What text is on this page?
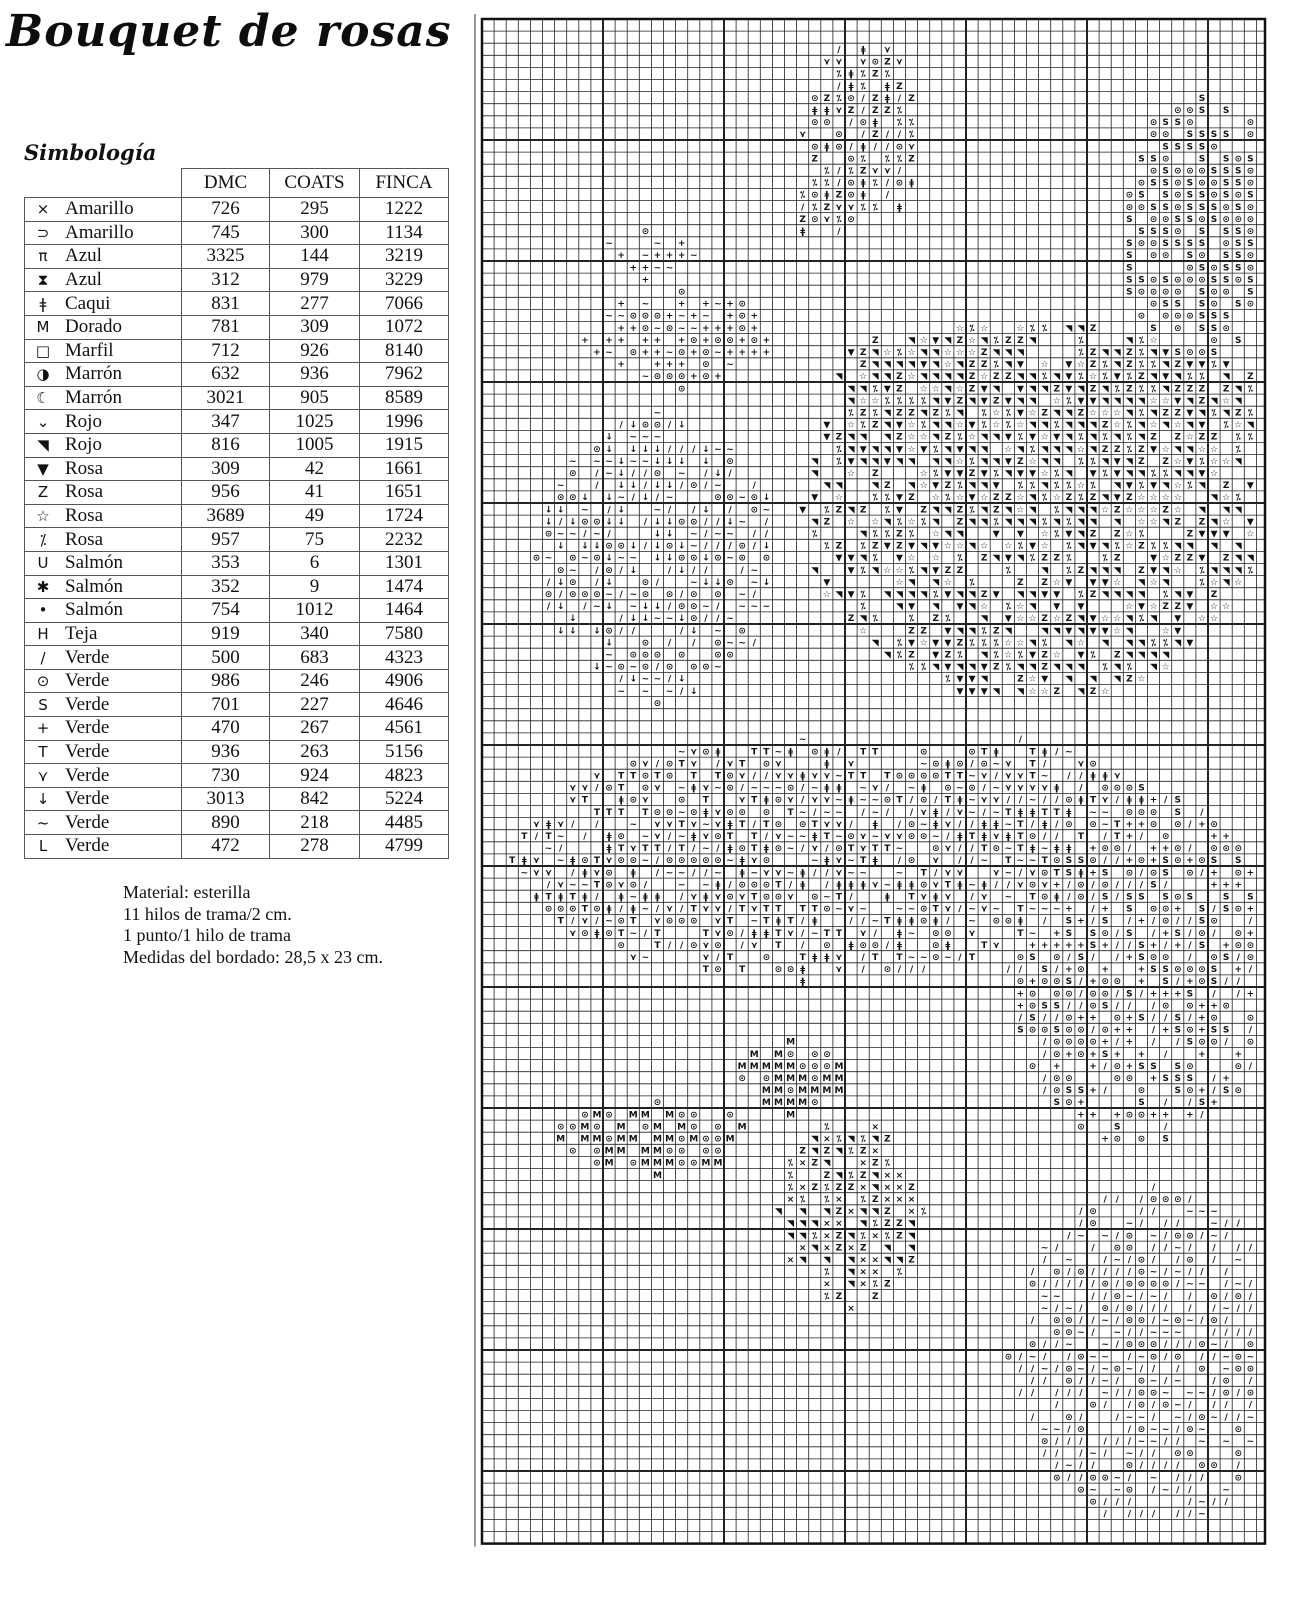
Bouquet de rosas
Simbología
		DMC	COATS	FINCA
×	Amarillo	726	295	1222
⊃	Amarillo	745	300	1134
π	Azul	3325	144	3219
⧗	Azul	312	979	3229
ǂ	Caqui	831	277	7066
M	Dorado	781	309	1072
□	Marfil	712	926	8140
◑	Marrón	632	936	7962
☾	Marrón	3021	905	8589
⌄	Rojo	347	1025	1996
◥	Rojo	816	1005	1915
▼	Rosa	309	42	1661
Z	Rosa	956	41	1651
☆	Rosa	3689	49	1724
⁒	Rosa	957	75	2232
U	Salmón	353	6	1301
✱	Salmón	352	9	1474
•	Salmón	754	1012	1464
H	Teja	919	340	7580
/	Verde	500	683	4323
⊙	Verde	986	246	4906
S	Verde	701	227	4646
+	Verde	470	267	4561
T	Verde	936	263	5156
⋎	Verde	730	924	4823
↓	Verde	3013	842	5224
~	Verde	890	218	4485
L	Verde	472	278	4799
Material: esterilla
11 hilos de trama/2 cm.
1 punto/1 hilo de trama
Medidas del bordado: 28,5 x 23 cm.
/ ǂ ⋎
⋎ ⋎ ⋎ ⊙ Z ⋎
⁒ ǂ ⁒ Z ⁒
/ ǂ ⁒ ǂ Z
⊙ Z ⁒ ⊙ / Z ǂ / Z
ǂ ǂ ⋎ Z / Z Z ⁒
⊙ ⊙ / ⊙ ǂ ⁒ ⁒
⋎	⊙ / Z / / ⁒
⊙ ǂ ⊙ / ǂ / / ⊙ ⋎
Z	⊙ ⁒ ⁒ ⁒ Z
⁒ / ⁒ Z ⋎ ⋎ /
⁒ ⁒ / ⊙ ǂ ⁒ / ⊙ ǂ
ǂ Z ⊙ ǂ /
Z ⋎ ⁒ ⁒ ǂ
⁒
⁒ ⊙
/ ⁒ ⋎
Z ⊙ ⋎ ⊙
ǂ	/
⊙
+ ~	+ + ~ + ⊙
~ ~ ⊙ ⊙ ⊙ + ~ + ~ + ⊙ +
+ + ⊙ ~ ⊙ ~ ~ + + + ⊙ +
+ + + + + + ⊙ + ⊙ ⊙ + ⊙ +
+ ~ ⊙ + + ~ ⊙ + ⊙ ~ + + + +
+	+ + + ⊙ ~
~ ⊙ ⊙ ⊙ + ⊙ +
⊙
⊙
~	~ +
+ ~ + + + ~
+ + ~ ~
+
S
⊙ ⊙ S S
⊙ S S ⊙	⊙
⊙ ⊙ S S S S ⊙
S S S S ⊙
S S ⊙	S S ⊙ S
⊙ S ⊙ ⊙ ⊙ S S S ⊙
⊙ S S ⊙ S ⊙ ⊙ S S ⊙
⊙ S S ⊙ S S ⊙ S ⊙ S
⊙ ⊙ S S ⊙ S S S ⊙ S ⊙
S ⊙ ⊙ S S ⊙ S ⊙ ⊙ ⊙
S S S ⊙ S S S ⊙
S ⊙ ⊙ S S S S ⊙ S S
S ⊙ ⊙ S ⊙ S S ⊙
S	⊙ S ⊙ S S ⊙
S S ⊙ S ⊙ ⊙ ⊙ S S ⊙ S
S ⊙ ⊙ ⊙ ⊙ S ⊙ ⊙ S
⊙ S S S ⊙ S ⊙
⊙ ⊙ ⊙ ⊙ S S S
S ⊙ S S ⊙
⊙ S
S ⊙ ⊙ S
☆ ⁒ ☆	☆ ⁒ ⁒ ◥ ◥ Z
▼ ◥ ☆ ◥ ⁒ Z Z ◥	⁒	◥ ⁒
⁒ ☆	☆ ☆ ☆ Z ◥ ◥	⁒ Z ◥ ◥ Z ◥
◥ ◥ ▼ ◥ ☆ Z Z ⁒ ◥	☆ ▼ ☆ Z	⁒ ◥
◥ Z ☆ ◥ ◥ ◥ Z ☆	◥ ⁒ ◥ ▼ ⁒ ☆ ⁒ ▼ ⁒ ◥ ▼ ⁒
◥ ⁒ Z	◥ ☆ ▼ ◥ ▼ ◥ Z ▼ Z ◥ ⁒ Z ⁒ ◥ Z Z
◥ ☆ ☆ ⁒ ⁒ ⁒ ⁒ ◥ Z ◥ ▼ Z ◥ ◥	⁒ ▼ ◥ ◥ ◥ ◥ ☆ ▼ ◥ Z ◥
⁒ Z ⁒ ◥ Z Z ◥ Z ⁒ ◥ ⁒ ☆ ⁒ ▼ Z ◥ ◥ Z ☆ ☆ ◥ ⁒ ◥ Z Z ▼ ⁒
▼ ☆ ⁒ Z ▼ ☆ ⁒ ◥ ☆ ▼ ⁒ ☆ ⁒ ☆ ◥ ◥ ⁒ ◥ ◥ ◥ ☆	☆ ☆ ▼	☆
▼ Z ◥ ◥ ◥ Z ☆ ◥ Z ⁒ ☆ ◥ ◥ ▼ ⁒ ▼ ☆ ▼ ◥ ⁒ ◥ ◥ ⁒ ◥ Z	☆ Z ⁒
⁒ ◥ ▼ ◥ ◥ ▼ ☆ ▼ ⁒ ◥ ▼ ◥ ◥ ☆ ◥ ⁒ ◥ ◥ ☆ ◥ Z Z ⁒ Z ▼ ◥ ◥ ☆ ☆ ⁒
◥ ⁒ ▼ ◥ ◥ ▼ ◥ ◥ ◥ ◥ ☆ ⁒ ◥ ◥ ▼ Z ☆ ◥ ◥ ⁒ ⁒ ◥ ▼ Z	⁒ ☆
◥	☆ Z	☆ ⁒ ▼ ▼ Z ▼ ⁒ ◥ ▼ ▼ ☆ ⁒ ◥ ▼ ⁒ ◥ ◥ ⁒ ⁒ ◥ ▼ ☆
◥ ◥	◥ Z ◥ ☆ ▼ Z ⁒ ◥ ◥ ▼ ⁒ ⁒ ◥ ⁒ ⁒ ☆ ⁒ ◥ ▼ ⁒ ▼ ◥ ☆ ⁒ ◥ Z ▼
▼ ☆	⁒ ⁒ ▼ Z ☆ ⁒ ☆ ▼ ☆ Z Z ☆ ◥ ⁒ ☆ Z ⁒ Z ◥ ▼ Z ☆ ☆ ☆ ☆	◥ ☆ ⁒
▼ ⁒ Z ◥ Z ⁒ ▼ Z ◥ ◥ Z ⁒ ◥ Z ◥ ☆ ◥ ⁒ ◥ ◥ ◥ ☆ Z ☆ ☆ ☆ Z ☆ ◥ ◥ ◥
◥ Z ☆ ☆ ◥ ⁒ ☆ ⁒ ◥ Z ◥ ◥ ⁒ ◥ ◥ ◥ ⁒ ◥ ⁒ ◥ ◥ ◥ ☆ ☆ ◥ Z Z ◥ ☆ ▼
⁒	◥ ⁒ ⁒ Z ⁒ ☆ ◥ ◥	▼ ▼ ☆ ⁒ ▼ ◥ Z Z ☆ ⁒	Z ▼ ▼ ▼ ☆
⁒ Z ⁒ Z ▼ Z ▼ ◥ ▼ ☆ ☆ ◥ ☆ ☆ ⁒ ▼ ☆ ⁒ ◥ ▼ ◥ ⁒ ☆ Z ⁒ ⁒ ◥ ◥ ◥ ◥
▼ ▼ ◥ ⁒ ▼ ☆ ☆ ⁒ Z ◥ ▼ ◥ ⁒ Z Z ⁒	⁒ Z	▼ ☆ Z Z ▼ Z ◥ ◥
◥	▼ ⁒ ◥ ☆ ☆ ⁒ ◥ ▼ Z Z	⁒	◥ ⁒ Z ◥ ◥ ◥ Z ▼ ◥ ☆ ⁒ ◥ ◥ ◥ ⁒
▼	☆ ◥ ◥ ☆ ⁒	Z Z ☆ ▼ ▼ ▼ ☆ ◥ ☆ ◥	⁒ ☆ ◥ ☆
☆ ◥ ▼ ⁒ ◥ ◥ ◥ ◥ ⁒ ▼ ◥ ◥ Z ▼ ◥ ◥ ▼ ▼ ⁒ Z ◥ ◥ ◥ ◥ ⁒ ◥ ▼ Z
⁒	◥ ▼ ◥ ▼ ◥ ☆ ⁒ ☆ ◥ ▼ ▼	☆ ▼ ☆ Z Z ▼ ☆ ☆
Z ◥ ⁒	⁒ Z ⁒	◥ ▼ ☆ ☆ Z ☆ Z ◥ ▼ ☆ ☆ ◥ ⁒ ◥ ▼ ☆ ☆
☆	Z Z ▼ ◥ ◥ ⁒ Z ◥	◥ ◥ ▼ ◥ ▼ ▼ ☆ ◥	☆ ▼
◥ ⁒ ▼ ☆ ▼ ▼ Z ⁒ ⁒ ⁒ ☆ ☆ ◥ ⁒ ◥ ☆ ◥ ◥ ◥ ⁒ ⁒ ◥ ▼
◥ ⁒ Z ▼ Z ⁒ ◥ ⁒ ☆ ⁒ ▼ Z ☆ ▼ ⁒ Z ◥ ◥ ◥ ◥
⁒ ⁒ ◥ ▼ ◥ ◥ ▼ Z ⁒ ◥ ◥ Z ◥ ◥ ◥ ⁒ ◥ ⁒ ◥ ☆
⁒ ▼ ▼ ◥	Z ☆ ▼ ◥ ◥ ◥ Z ☆
▼ ▼ ▼ ◥ ◥ ☆ ☆ Z ◥ Z ☆
Z	◥ ☆	Z
▼ Z ◥ ☆	◥ ◥	◥
Z ◥	◥	◥	▼
◥ ☆ ◥	◥	Z Z ◥
◥	▼	☆ ☆	Z	◥
▼	▼	☆
☆
◥	◥
☆
☆
⁒ ▼
⁒ ◥ Z ⁒	Z ▼ ▼ ⁒ ▼
Z	◥ ⁒ ◥ Z
◥	⁒	Z Z ◥ ⁒
▼	☆	☆ ◥
☆	◥ ◥ Z ⁒
Z ⁒ ◥ ◥ ◥	⁒ ◥
⁒	Z Z	⁒
◥	☆
◥	Z ☆ ▼	☆ ◥
▼	◥
~
/ ↓ ⊙ ⊙ / ↓
↓ ~ ~ ~
⊙ ↓ ↓ ↓ ↓ / / / ↓ ~ ~
~ ~ ~ ↓ ~ ~ ↓ ↓ ↓ ↓ ⊙
⊙ / ~ ↓ / / ⊙ ~ / ↓ /
~	/ ↓ ↓ / ↓ ↓ / ⊙ / ~	/
⊙ ⊙ ↓ ↓ ~ / ↓ / ~	⊙ ⊙ ~ ⊙ ↓
↓ ↓ ~ / ↓	~ / / ↓ / ⊙ ~
↓ / ↓ ⊙ ⊙ ↓ ↓ / ↓ ↓ ⊙ ⊙ / / ↓ ~ /
⊙ ~ ~ / ~ /	↓ ↓ ~ / ~ ~ / /
↓ ↓ ↓ ⊙ ⊙ ↓ / ↓ ⊙ ↓ ~ / / / ⊙ / ↓
⊙ ~ ⊙ ~ ⊙ ↓ ~ ~ ↓ ↓ ⊙ ⊙ ↓ ⊙ ~ ⊙ ⊙
⊙ ~ / ⊙ / ↓	/ ↓ / /	/ ~
/ ↓ ⊙ / ↓	⊙ /	~ ↓ ↓ ⊙ ~ ↓
⊙ / ⊙ ⊙ ⊙ ~ / ~ ⊙ ⊙ / ⊙ ⊙ ~ /
/ ↓ / ~ ↓ ~ ↓ ↓ / ⊙ ⊙ ~ / ~ ~ ~
↓	/ ↓ ↓ ~ ~ ↓ ⊙ / / ~
↓ ↓ ↓ ⊙ / /	/ ↓ ~ ⊙
↓	⊙ / / ⊙ ~ ~ /
~ ⊙ ⊙ ⊙ ⊙	⊙ ⊙
↓ ~ ⊙ ~ ⊙ / ⊙ ⊙ ⊙ ~
/ ↓ ~ ~ / ↓
~ ~ ~ / ↓
⊙
~
~ ⋎ ⊙ ǂ	T T ~ ǂ ⊙ ǂ / T T	⊙
⊙ ⋎ / ⊙ T ⋎ / ⋎ T ⊙ ⋎	ǂ ⋎	~ ⊙ ǂ ⊙ /
⋎ T T ⊙ T ⊙ T T ⊙ ⋎ / / ⋎ ⋎ ǂ ⋎ ⋎ ~ T T T ⊙ ⊙ ⊙ T ~ ⋎ /
⋎ ⋎ / ⊙ T ⊙ ⋎ ~ ǂ ⋎ ~ ⊙ / ~ ~ ~ ⊙ / ~ ǂ ǂ ~ ⋎ /	ǂ	~ ⊙ / ~ ⋎
⋎ T	ǂ ⊙ ⋎	⊙ T	⋎ T ǂ ⊙ ⋎ / ⋎ ⋎ ~ ǂ ~ ~ ⊙ T / ⊙ / T ǂ ⋎ ⋎ /	/
T T T T ⊙ ⊙ ~ ⊙ ǂ ⋎ ⊙ ⊙ ⊙ T ~ / ~ ~ / ~ / / ⋎ / ⋎ ~ / ~ T ǂ T
⋎ ǂ ⋎ / /	~ ⋎ ⋎ T ⋎ ~ ⋎ ǂ T / T ⊙ ⊙ T ⋎ ⋎ / ǂ / ⊙ ~ ǂ ⋎ / / ǂ ǂ	/	⊙
T / T ~ / ǂ ⊙ ~ ⋎ / ~ ǂ ⋎ ⊙ T T / ⋎ ~ ~ ǂ T ~ ⊙ ⋎ ~ ⋎ ⋎ ⊙ ⊙ ~ / ǂ T ⋎ ǂ T /	T
~ /	ǂ T ⋎ T T / T / ~ / ǂ ⊙ T ǂ ⊙ ~ / ⋎ / ⊙ T ⋎ T T ~	⊙ ⋎ / T ⊙ ~ T ǂ ~ ǂ ǂ
T ǂ ⋎ ~ ǂ ⊙ T ⋎ ⊙ ⊙ ~ / ⊙ ⊙ ⊙ ⊙ ⊙ ~ ǂ ⋎ ⊙	~ ǂ ⋎ ~ T ǂ / ⊙ ⋎ / / ~ T ~ ~ T ⊙
~ ⋎ ⋎ / ǂ ⋎ ⊙ ǂ / ~ ~ / / ~ ǂ ~ ⋎ ⋎ ~ ǂ / / ⋎ ~ ~	~ T / ⋎ ⋎	⋎ ~ / ⋎ T ǂ
/ ⋎ ~ ~ T ⊙ ⋎ ⊙ /	~ ~ ǂ / ⊙ ⊙ ⊙ T / ǂ / ǂ ǂ ǂ ⋎ ~ ǂ ǂ ⊙ ⋎ T ǂ ~ ǂ / / ⋎ ⊙ ⋎ / ⊙
ǂ T ǂ T ǂ / ǂ ~ ǂ ǂ / ⋎ ǂ ⋎ ⊙ ⋎ T ⊙ ⊙ ⋎ ⊙ ~ T /	ǂ T ⋎ ǂ ⋎ / ⋎ ~ T ⊙ ǂ /
⊙ ⊙ ⊙ T ⊙ ǂ / ǂ ~ / ⋎ / T ⋎ ⋎ / T ⋎ T T T T ⊙ ~ ⋎ ~	~ ~ ⊙ T ⋎ / ~ ⋎ ~ T ~ ~ ~
T / ⋎ / ~ ⊙ T ⋎ ⊙ ⊙ ⊙ ⋎ T ~ T ǂ T / ǂ	/ / ~ T ǂ ǂ ⊙ ǂ / ~ ⊙ ⊙ ǂ /
⋎ ⊙ ǂ ⊙ T ~ / T	T ⋎ ⊙ / ǂ ǂ T ⋎ / ~ T T ⋎ / ǂ ~ ⊙ ⊙ ⋎	T ~
⊙	T / / ⊙ ⋎ ⊙ / ⋎ T / ⊙ ǂ ⊙ ⊙ / ǂ	⊙ ǂ	T ⋎
⋎ ~	⋎ / T	⊙	T ǂ ǂ ⋎ / T T ~ ~ ⊙ ~ / T
T ⊙ T	⊙ ⊙ ǂ	⋎ / ⊙ / / /
ǂ
/
⊙ T ǂ	T ǂ / ~
⊙ ~ ⋎ T /	⋎ ⊙
⊙ T	⋎ ⋎ T ~ / / ǂ ǂ ⋎
~	⊙	⋎ ⋎ ⋎ ǂ / ⊙ ⊙ ⊙
~	/ ~ / ⊙ ǂ T ⋎ / ǂ ǂ
ǂ	ǂ T ǂ ~ ~ ⊙
~ T ǂ /	⊙ ~ T
ǂ	⊙ /	/ T
/
S
+ / S
⊙ ⊙ S /
+ + ⊙ ⊙ / + ⊙
+ / ⊙	+ +
+ ⊙ ⊙ / + + ⊙ / ⊙ ⊙ ⊙
S S ⊙ / / + ⊙ + S ⊙ + ⊙ S S
⊙ S + S ⊙ / ⊙ S ⊙ / + ⊙ +
+	/ ⊙ / / / S /	+ + +
⊙ / S / S S S ⊙ S	S S
+ / + S ⊙ ⊙ + S / S ⊙ +
S + / S / + / ⊙ / / S ⊙	/
+ S S ⊙ / S / + S / ⊙ / ⊙ +
+ + + + + S + / / S + / + / S + ⊙ ⊙
⊙ S ⊙ / S / / + S ⊙ ⊙ / ⊙ S / ⊙
/ / S / + ⊙ +	+ S S ⊙ ⊙ ⊙ S + /
⊙ + ⊙ ⊙ S / + ⊙ ⊙ + S / + ⊙ S / /
+ ⊙ ⊙ ⊙ / ⊙ ⊙ / S / + + + S / / +
+ ⊙ S S / / ⊙ S / / / ⊙ ⊙ + + ⊙
/ S / / ⊙ + + ⊙ + S / / S / + ⊙	⊙
S ⊙ ⊙ S ⊙ ⊙ / ⊙ + + / + S ⊙ + S S /
/ ⊙ ⊙ ⊙ ⊙ + / + / / S ⊙ ⊙ / ⊙
/ ⊙ + ⊙ + S + + /	+	+
⊙ +	+ / ⊙ + S S S ⊙	⊙ /
/ ⊙ ⊙	⊙ ⊙ + S S S / +
/ ⊙ S S + /	⊙	S ⊙ + / S ⊙
S ⊙ +	S / / S +
+ + + ⊙ ⊙ + + + /
⊙	S	/
+ ⊙ ⊙ S
⊙
⊙ M ⊙ M M M ⊙ ⊙	⊙
⊙ ⊙ M ⊙ M ⊙ M M ⊙ ⊙ M
M M M ⊙ M M M M ⊙ M ⊙ ⊙ M
⊙ ⊙ M M M M ⊙ ⊙ ⊙ ⊙
⊙ M ⊙ M M M ⊙ ⊙ M M
M
M
M M ⊙ ⊙ ⊙
M M M M M ⊙ ⊙ ⊙ M
⊙ ⊙ M M M ⊙ M M
M M ⊙ M M M M
M M M M ⊙
M
⁒	×
◥ × ⁒ ◥ ⁒ ◥ Z
Z ◥ Z ◥ ⁒ Z ×
⁒ × Z ◥	× Z ⁒
⁒	Z ◥ ⁒ Z ◥ × ×
⁒ × Z ⁒ Z Z × ◥ × × Z
× ⁒ ⁒ × ⁒ Z × × ×
◥ ◥ ◥ Z × ◥ ◥ Z × ⁒
◥ ◥ ◥ × × ◥ ⁒ Z Z ◥
◥ ◥ ⁒ × Z ◥ ⁒ × ⁒ Z ◥
× ◥ × Z × Z ◥ ◥
× ◥ ◥ ◥ × × ◥ ◥ Z
⁒ ◥ × × ⁒
× ◥ × ⁒ Z
⁒ Z	Z
×
/
/ / / ⊙ ⊙ ⊙ /
/ ⊙	/ /	~ ~ ~
/ ⊙	~ / / /	~ / /
/ ~ ~ / ⊙ ~ / ⊙ ⊙ / ~ /
~ /	/ ⊙ ⊙ / / ~ / / / /
/ ~	/ ~ / ⊙ / / ⊙ / ~
/ ⊙ / ⊙ / / / / ⊙ ~ / ~ / / /
⊙ / / / / / ⊙ / ⊙ ⊙ ⊙ ⊙ / ~ ~ / ~ /
~ ~	/ / ⊙ ~ / ~ / / ⊙ / ⊙ /
~ / ~ / ⊙ / ⊙ / / / / / ~ / /
/ ⊙ ⊙ / / ~ / ⊙ ⊙ / ~ ⊙ ~ / ⊙ /
⊙ ⊙ ~ / ~ / / ~ ~ ~	/ / / /
⊙ / / ~	~ / ⊙ ⊙ ⊙ / / / ⊙ ~ / ⊙
⊙ / ~ / / ⊙ ~ ~ / ~ ⊙ / ⊙ / / ~ ⊙ ~
/ / ~ / ⊙ ~ / ~ ⊙ ~ / / / ⊙ ~ ⊙ ⊙
/ / ⊙ / / ~ / ⊙ ~ / ~	/ ⊙ /
/ / / / / ~ / / ⊙ ⊙ ~ ~ ~ / ⊙ / ⊙
/	⊙ / / ⊙ / ⊙ ~ / / / /
/	⊙ /	/ ~ ~ / ~ / ⊙ ~ / / ~
~ ~ / ⊙	/ ⊙ ~ ~ / ⊙ ~	⊙
⊙ / / / / / / ~ ~ / / ~ ~ ~
/ / / ~ / ~ / / ⊙ ⊙	⊙
/ ~ / /	⊙ / / / / ⊙ ⊙ /
⊙ / / ⊙ ⊙ ~ / ~ / / /	⊙
⊙ ~ ~ ⊙ / ~ / /	~
⊙ / / /	/ ~ / /
/ / / / / / ~
